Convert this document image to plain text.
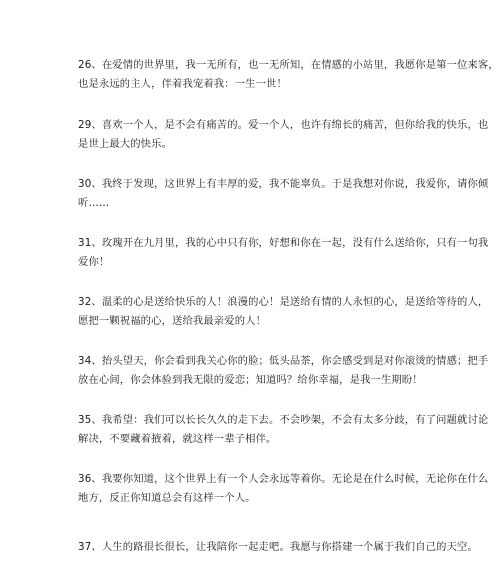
26、在爱情的世界里，我一无所有，也一无所知，在情感的小站里，我愿你是第一位来客，
也是永远的主人，伴着我宠着我：一生一世！

29、喜欢一个人，是不会有痛苦的。爱一个人，也许有绵长的痛苦，但你给我的快乐，也
是世上最大的快乐。

30、我终于发现，这世界上有丰厚的爱，我不能辜负。于是我想对你说，我爱你，请你倾
听……

31、玫瑰开在九月里，我的心中只有你，好想和你在一起，没有什么送给你，只有一句我
爱你！

32、温柔的心是送给快乐的人！浪漫的心！是送给有情的人永恒的心，是送给等待的人，
愿把一颗祝福的心，送给我最亲爱的人！

34、抬头望天，你会看到我关心你的脸；低头品茶，你会感受到是对你滚烫的情感；把手
放在心间，你会体验到我无限的爱恋；知道吗？给你幸福，是我一生期盼！

35、我希望：我们可以长长久久的走下去。不会吵架，不会有太多分歧，有了问题就讨论
解决，不要藏着掖着，就这样一辈子相伴。

36、我要你知道，这个世界上有一个人会永远等着你。无论是在什么时候，无论你在什么
地方，反正你知道总会有这样一个人。

37、人生的路很长很长，让我陪你一起走吧。我愿与你搭建一个属于我们自己的天空。
